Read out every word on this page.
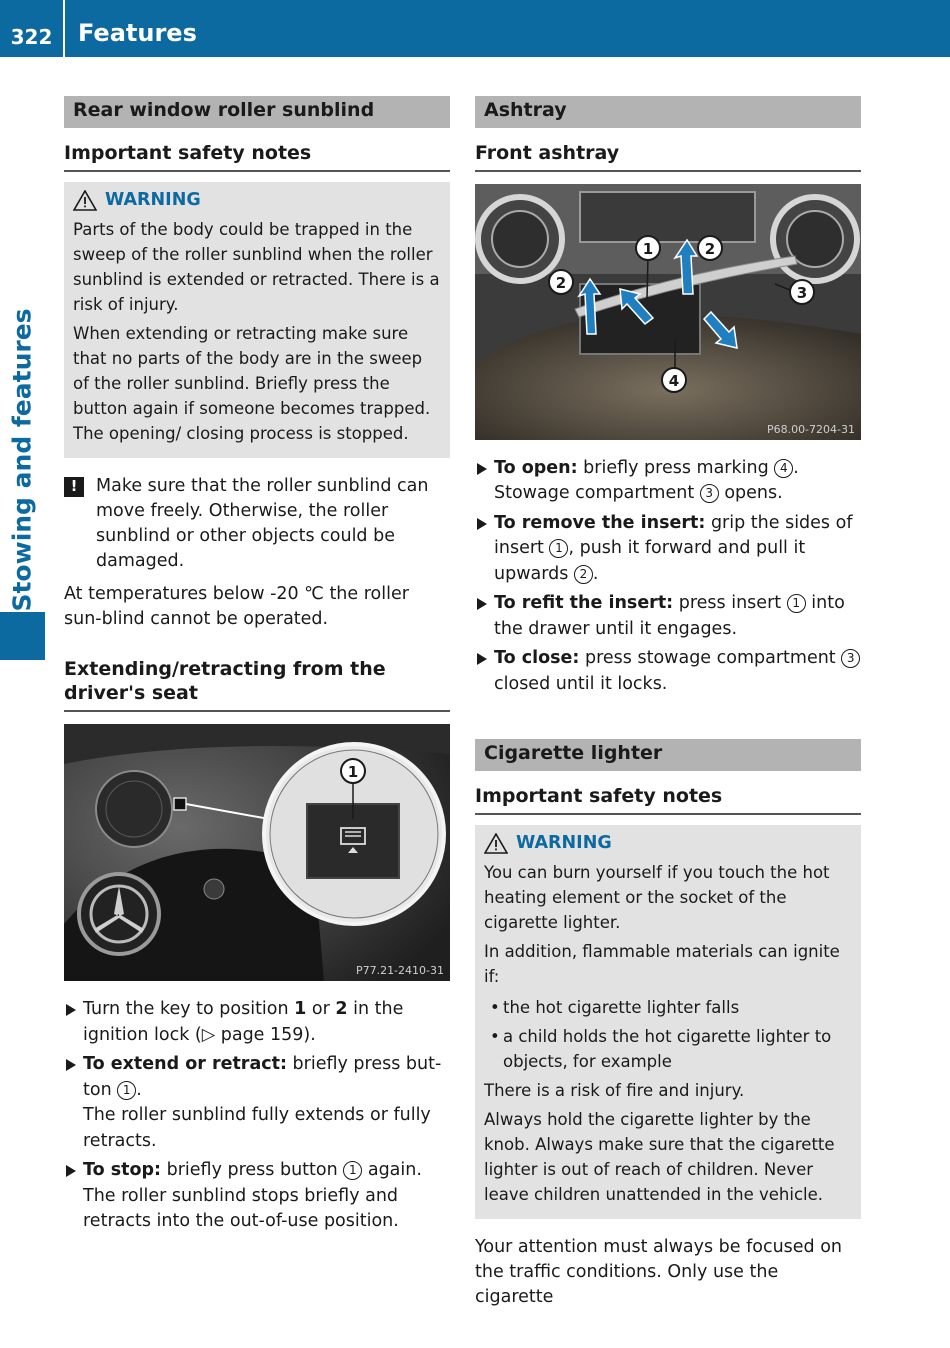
322	Features
Stowing and features
Rear window roller sunblind
Important safety notes
WARNING

Parts of the body could be trapped in the sweep of the roller sunblind when the roller sunblind is extended or retracted. There is a risk of injury.

When extending or retracting make sure that no parts of the body are in the sweep of the roller sunblind. Briefly press the button again if someone becomes trapped. The opening/ closing process is stopped.

!	Make sure that the roller sunblind can move freely. Otherwise, the roller sunblind or other objects could be damaged.

At temperatures below -20 ℃ the roller sun-blind cannot be operated.

Extending/retracting from the driver's seat
1
P77.21-2410-31
Turn the key to position 1 or 2 in the ignition lock (▷ page 159).
To extend or retract: briefly press but-ton 1 .
The roller sunblind fully extends or fully retracts.
To stop: briefly press button 1 again.
The roller sunblind stops briefly and retracts into the out-of-use position.
Ashtray
Front ashtray
1	2
2
3
4
P68.00-7204-31
To open: briefly press marking 4 .
Stowage compartment 3 opens.
To remove the insert: grip the sides of insert 1 , push it forward and pull it upwards 2 .
To refit the insert: press insert 1 into the drawer until it engages.
To close: press stowage compartment 3 closed until it locks.
Cigarette lighter
Important safety notes
WARNING

You can burn yourself if you touch the hot heating element or the socket of the cigarette lighter.

In addition, flammable materials can ignite if:

• the hot cigarette lighter falls
• a child holds the hot cigarette lighter to objects, for example

There is a risk of fire and injury.

Always hold the cigarette lighter by the knob. Always make sure that the cigarette lighter is out of reach of children. Never leave children unattended in the vehicle.

Your attention must always be focused on the traffic conditions. Only use the cigarette
